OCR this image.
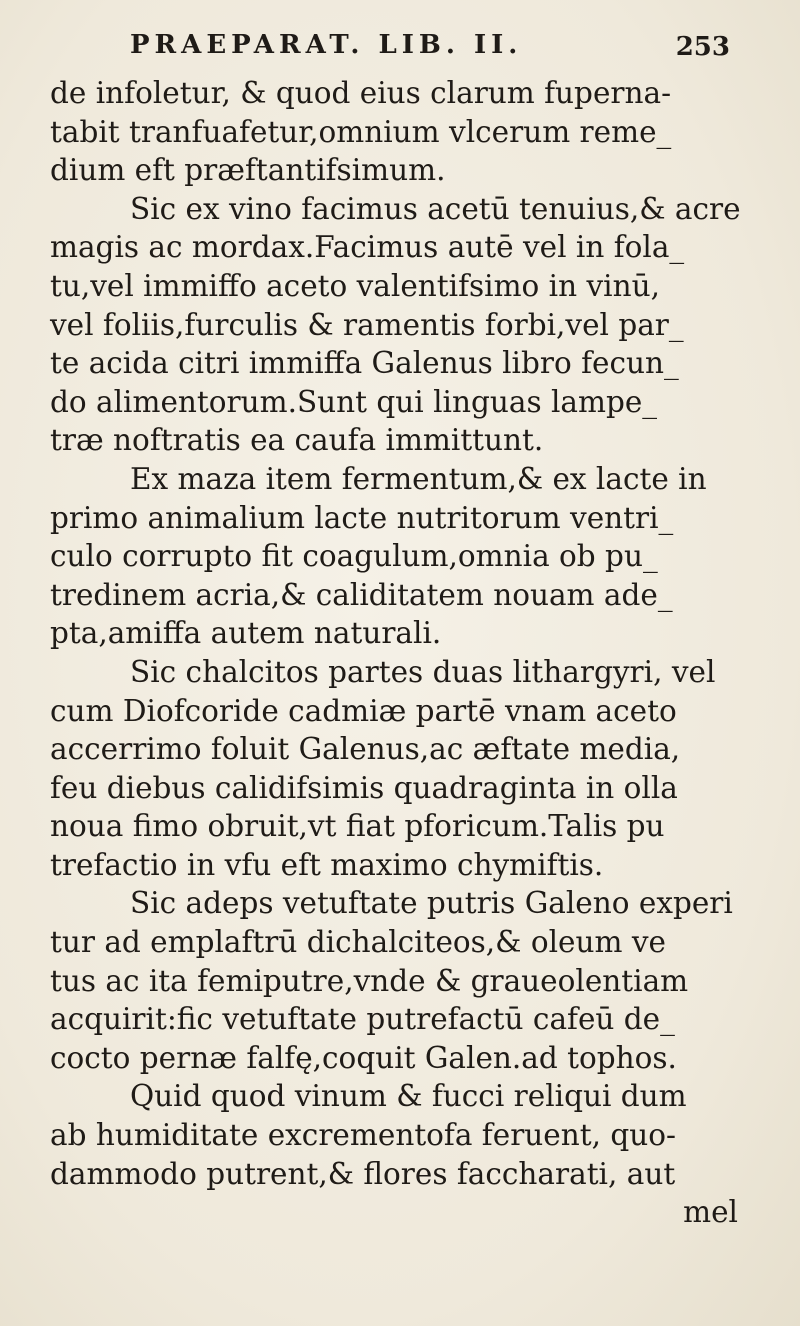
PRAEPARAT. LIB. II.	253
de infoletur, & quod eius clarum fuperna-
tabit tranfuafetur,omnium vlcerum reme_
dium eft præftantifsimum.
Sic ex vino facimus acetū tenuius,& acre
magis ac mordax.Facimus autē vel in fola_
tu,vel immiffo aceto valentifsimo in vinū,
vel foliis,furculis & ramentis forbi,vel par_
te acida citri immiffa Galenus libro fecun_
do alimentorum.Sunt qui linguas lampe_
træ noftratis ea caufa immittunt.
Ex maza item fermentum,& ex lacte in
primo animalium lacte nutritorum ventri_
culo corrupto fit coagulum,omnia ob pu_
tredinem acria,& caliditatem nouam ade_
pta,amiffa autem naturali.
Sic chalcitos partes duas lithargyri, vel
cum Diofcoride cadmiæ partē vnam aceto
accerrimo foluit Galenus,ac æftate media,
feu diebus calidifsimis quadraginta in olla
noua fimo obruit,vt fiat pforicum.Talis pu
trefactio in vfu eft maximo chymiftis.
Sic adeps vetuftate putris Galeno experi
tur ad emplaftrū dichalciteos,& oleum ve
tus ac ita femiputre,vnde & graueolentiam
acquirit:fic vetuftate putrefactū cafeū de_
cocto pernæ falfę,coquit Galen.ad tophos.
Quid quod vinum & fucci reliqui dum
ab humiditate excrementofa feruent, quo-
dammodo putrent,& flores faccharati, aut
mel
